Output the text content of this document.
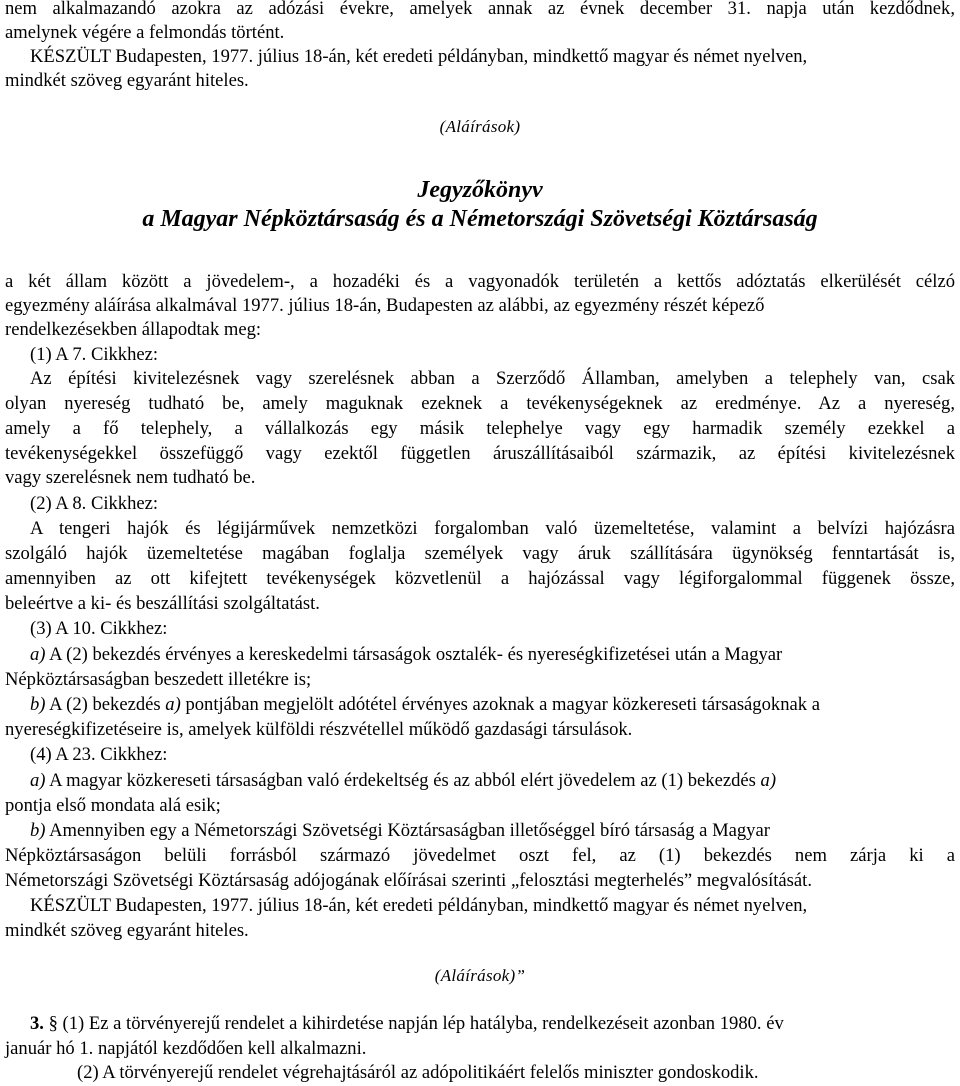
nem alkalmazandó azokra az adózási évekre, amelyek annak az évnek december 31. napja után kezdődnek,
amelynek végére a felmondás történt.
KÉSZÜLT Budapesten, 1977. július 18-án, két eredeti példányban, mindkettő magyar és német nyelven,
mindkét szöveg egyaránt hiteles.
(Aláírások)
Jegyzőkönyv
a Magyar Népköztársaság és a Németországi Szövetségi Köztársaság
a két állam között a jövedelem-, a hozadéki és a vagyonadók területén a kettős adóztatás elkerülését célzó
egyezmény aláírása alkalmával 1977. július 18-án, Budapesten az alábbi, az egyezmény részét képező
rendelkezésekben állapodtak meg:
(1) A 7. Cikkhez:
Az építési kivitelezésnek vagy szerelésnek abban a Szerződő Államban, amelyben a telephely van, csak
olyan nyereség tudható be, amely maguknak ezeknek a tevékenységeknek az eredménye. Az a nyereség,
amely a fő telephely, a vállalkozás egy másik telephelye vagy egy harmadik személy ezekkel a
tevékenységekkel összefüggő vagy ezektől független áruszállításaiból származik, az építési kivitelezésnek
vagy szerelésnek nem tudható be.
(2) A 8. Cikkhez:
A tengeri hajók és légijárművek nemzetközi forgalomban való üzemeltetése, valamint a belvízi hajózásra
szolgáló hajók üzemeltetése magában foglalja személyek vagy áruk szállítására ügynökség fenntartását is,
amennyiben az ott kifejtett tevékenységek közvetlenül a hajózással vagy légiforgalommal függenek össze,
beleértve a ki- és beszállítási szolgáltatást.
(3) A 10. Cikkhez:
a) A (2) bekezdés érvényes a kereskedelmi társaságok osztalék- és nyereségkifizetései után a Magyar
Népköztársaságban beszedett illetékre is;
b) A (2) bekezdés a) pontjában megjelölt adótétel érvényes azoknak a magyar közkereseti társaságoknak a
nyereségkifizetéseire is, amelyek külföldi részvétellel működő gazdasági társulások.
(4) A 23. Cikkhez:
a) A magyar közkereseti társaságban való érdekeltség és az abból elért jövedelem az (1) bekezdés a)
pontja első mondata alá esik;
b) Amennyiben egy a Németországi Szövetségi Köztársaságban illetőséggel bíró társaság a Magyar
Népköztársaságon belüli forrásból származó jövedelmet oszt fel, az (1) bekezdés nem zárja ki a
Németországi Szövetségi Köztársaság adójogának előírásai szerinti „felosztási megterhelés” megvalósítását.
KÉSZÜLT Budapesten, 1977. július 18-án, két eredeti példányban, mindkettő magyar és német nyelven,
mindkét szöveg egyaránt hiteles.
(Aláírások)”
3. § (1) Ez a törvényerejű rendelet a kihirdetése napján lép hatályba, rendelkezéseit azonban 1980. év
január hó 1. napjától kezdődően kell alkalmazni.
(2) A törvényerejű rendelet végrehajtásáról az adópolitikáért felelős miniszter gondoskodik.
